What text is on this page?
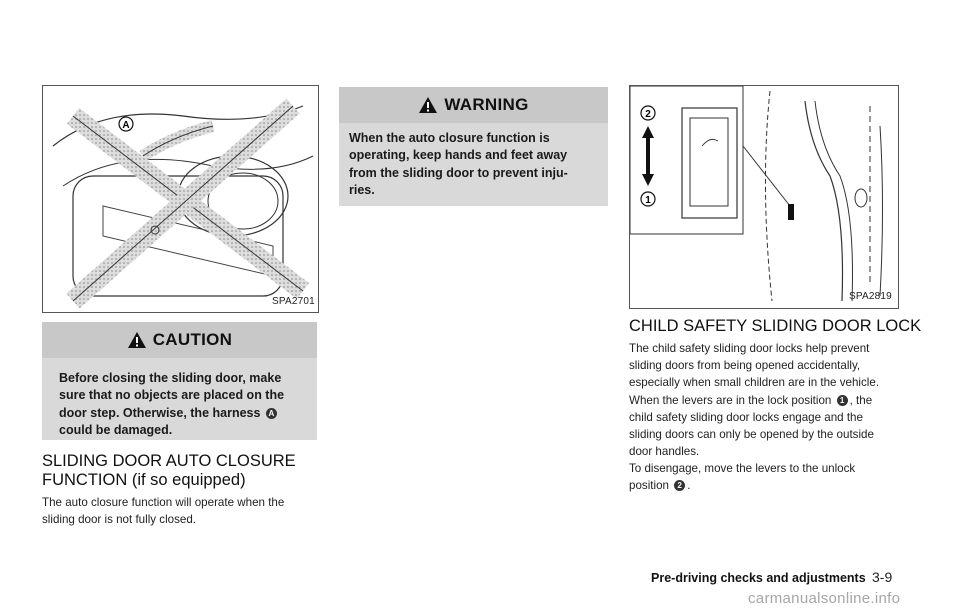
A
SPA2701
CAUTION
Before closing the sliding door, make
sure that no objects are placed on the
door step. Otherwise, the harness A
could be damaged.
SLIDING DOOR AUTO CLOSURE
FUNCTION (if so equipped)
The auto closure function will operate when the
sliding door is not fully closed.
WARNING
When the auto closure function is
operating, keep hands and feet away
from the sliding door to prevent inju-
ries.
2
1
SPA2819
CHILD SAFETY SLIDING DOOR LOCK
The child safety sliding door locks help prevent
sliding doors from being opened accidentally,
especially when small children are in the vehicle.
When the levers are in the lock position 1 , the
child safety sliding door locks engage and the
sliding doors can only be opened by the outside
door handles.
To disengage, move the levers to the unlock
position 2 .
Pre-driving checks and adjustments 3-9
carmanualsonline.info
